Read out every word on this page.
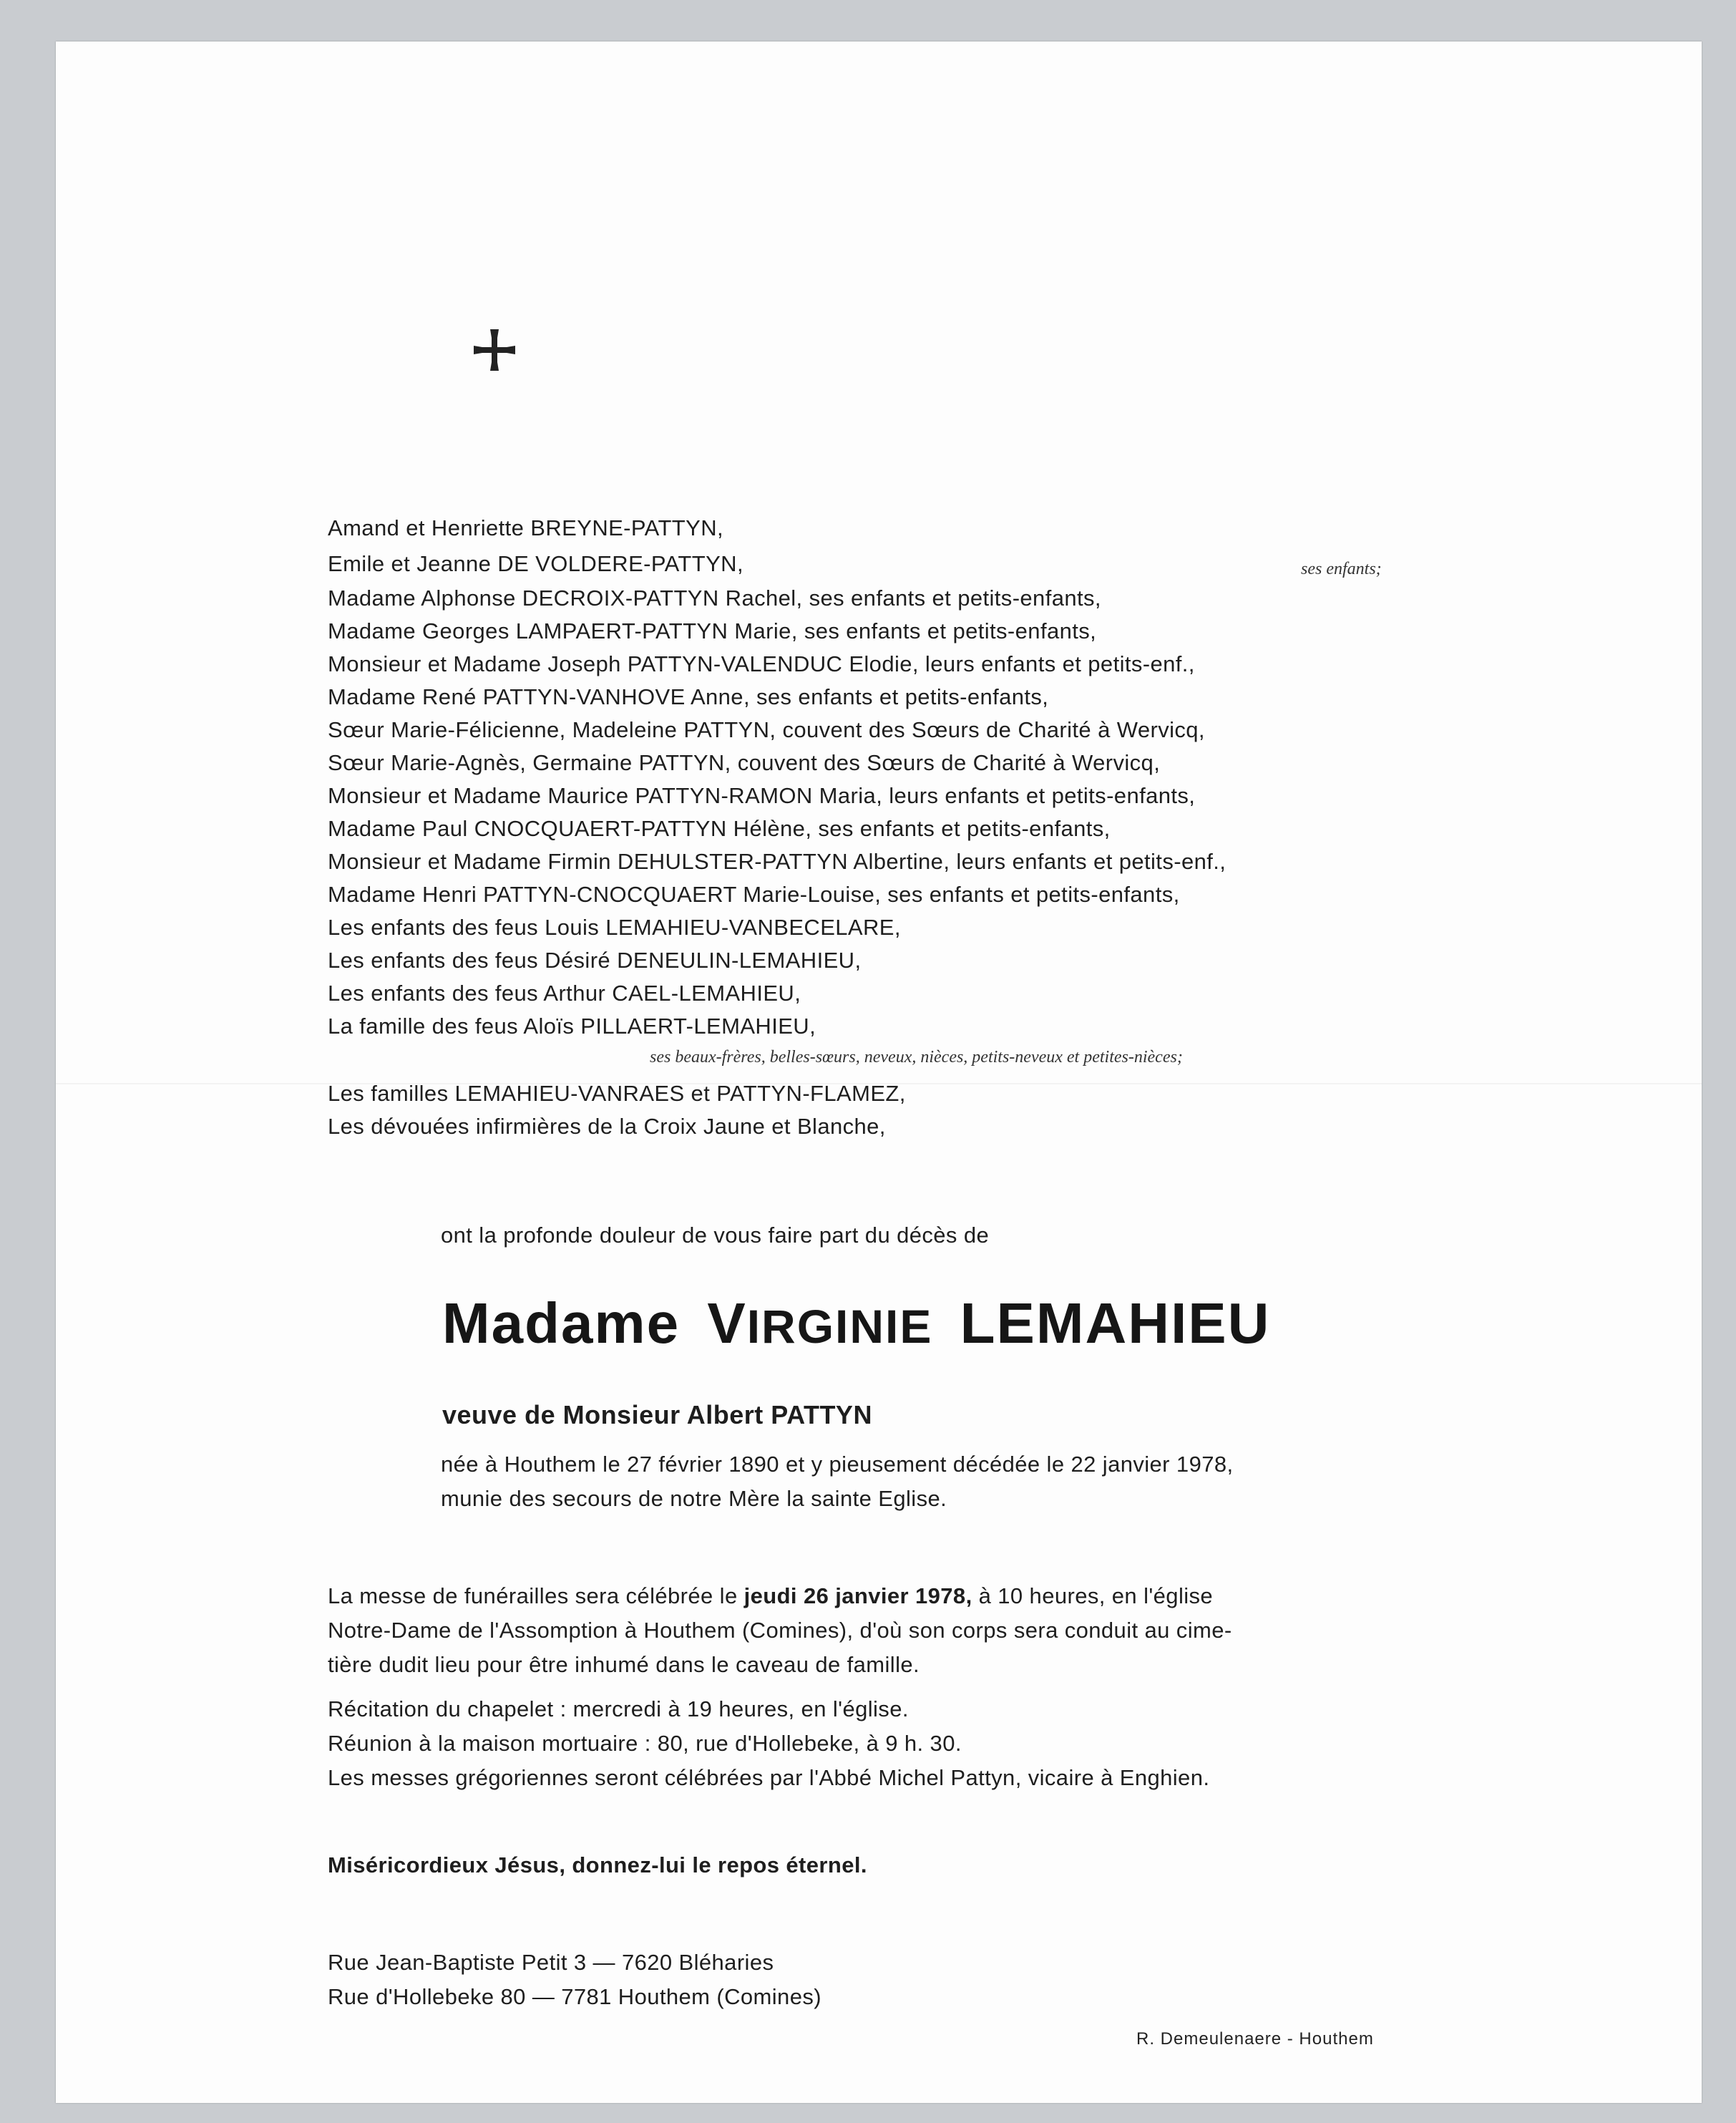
Amand et Henriette BREYNE-PATTYN,
Emile et Jeanne DE VOLDERE-PATTYN,	ses enfants;
Madame Alphonse DECROIX-PATTYN Rachel, ses enfants et petits-enfants,
Madame Georges LAMPAERT-PATTYN Marie, ses enfants et petits-enfants,
Monsieur et Madame Joseph PATTYN-VALENDUC Elodie, leurs enfants et petits-enf.,
Madame René PATTYN-VANHOVE Anne, ses enfants et petits-enfants,
Sœur Marie-Félicienne, Madeleine PATTYN, couvent des Sœurs de Charité à Wervicq,
Sœur Marie-Agnès, Germaine PATTYN, couvent des Sœurs de Charité à Wervicq,
Monsieur et Madame Maurice PATTYN-RAMON Maria, leurs enfants et petits-enfants,
Madame Paul CNOCQUAERT-PATTYN Hélène, ses enfants et petits-enfants,
Monsieur et Madame Firmin DEHULSTER-PATTYN Albertine, leurs enfants et petits-enf.,
Madame Henri PATTYN-CNOCQUAERT Marie-Louise, ses enfants et petits-enfants,
Les enfants des feus Louis LEMAHIEU-VANBECELARE,
Les enfants des feus Désiré DENEULIN-LEMAHIEU,
Les enfants des feus Arthur CAEL-LEMAHIEU,
La famille des feus Aloïs PILLAERT-LEMAHIEU,
ses beaux-frères, belles-sœurs, neveux, nièces, petits-neveux et petites-nièces;
Les familles LEMAHIEU-VANRAES et PATTYN-FLAMEZ,
Les dévouées infirmières de la Croix Jaune et Blanche,
ont la profonde douleur de vous faire part du décès de
Madame VIRGINIE LEMAHIEU
veuve de Monsieur Albert PATTYN
née à Houthem le 27 février 1890 et y pieusement décédée le 22 janvier 1978,
munie des secours de notre Mère la sainte Eglise.
La messe de funérailles sera célébrée le jeudi 26 janvier 1978, à 10 heures, en l'église
Notre-Dame de l'Assomption à Houthem (Comines), d'où son corps sera conduit au cime-
tière dudit lieu pour être inhumé dans le caveau de famille.
Récitation du chapelet : mercredi à 19 heures, en l'église.
Réunion à la maison mortuaire : 80, rue d'Hollebeke, à 9 h. 30.
Les messes grégoriennes seront célébrées par l'Abbé Michel Pattyn, vicaire à Enghien.
Miséricordieux Jésus, donnez-lui le repos éternel.
Rue Jean-Baptiste Petit 3 — 7620 Bléharies
Rue d'Hollebeke 80 — 7781 Houthem (Comines)
R. Demeulenaere - Houthem
